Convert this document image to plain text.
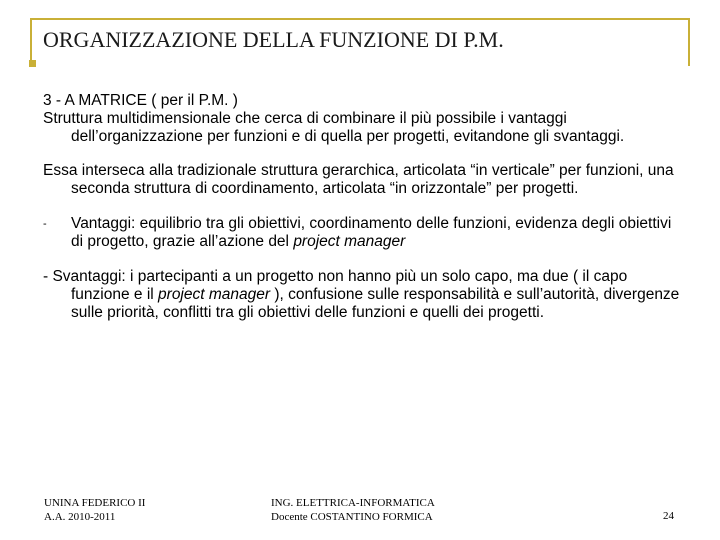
ORGANIZZAZIONE DELLA FUNZIONE DI P.M.

3 - A MATRICE ( per il P.M. )

Struttura multidimensionale che cerca di combinare il più possibile i vantaggi dell’organizzazione per funzioni e di quella per progetti, evitandone gli svantaggi.

Essa interseca alla tradizionale struttura gerarchica, articolata “in verticale” per funzioni, una seconda struttura di coordinamento, articolata “in orizzontale” per progetti.

- Vantaggi: equilibrio tra gli obiettivi, coordinamento delle funzioni, evidenza degli obiettivi di progetto, grazie all’azione del project manager

- Svantaggi: i partecipanti a un progetto non hanno più un solo capo, ma due ( il capo funzione e il project manager ), confusione sulle responsabilità e sull’autorità, divergenze sulle priorità, conflitti tra gli obiettivi delle funzioni e quelli dei progetti.

UNINA FEDERICO II
A.A. 2010-2011
ING. ELETTRICA-INFORMATICA
Docente COSTANTINO FORMICA	24
